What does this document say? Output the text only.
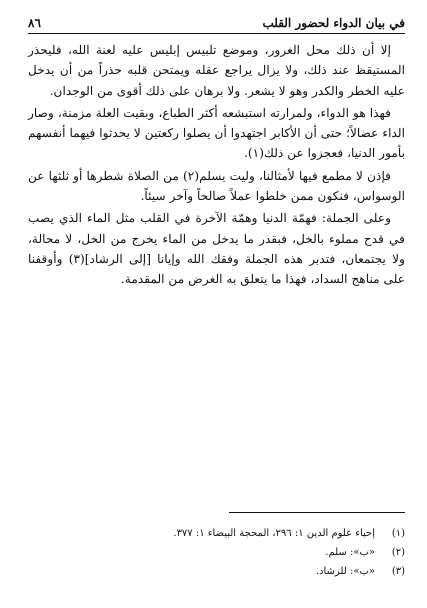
في بيان الدواء لحضور القلب
٨٦

إلا أن ذلك محل الغرور، وموضع تلبيس إبليس عليه لعنة الله، فليحذر المستيقظ عند ذلك، ولا يزال يراجع عقله ويمتحن قلبه حذراً من أن يدخل عليه الخطر والكدر وهو لا يشعر. ولا برهان على ذلك أقوى من الوجدان.

فهذا هو الدواء، ولمرارته استبشعه أكثر الطباع، وبقيت العلة مزمنة، وصار الداء عضالاً؛ حتى أن الأكابر اجتهدوا أن يصلوا ركعتين لا يحدثوا فيهما أنفسهم بأمور الدنيا، فعجزوا عن ذلك(١).

فإذن لا مطمع فيها لأمثالنا، وليت يسلم(٢) من الصلاة شطرها أو ثلثها عن الوسواس، فنكون ممن خلطوا عملاً صالحاً وآخر سيئاً.

وعلى الجملة: فهمّة الدنيا وهمّة الآخرة في القلب مثل الماء الذي يصب في قدح مملوء بالخل، فبقدر ما يدخل من الماء يخرج من الخل، لا محالة، ولا يجتمعان، فتدبر هذه الجملة وفقك الله وإيانا [إلى الرشاد](٣) وأوقفنا على مناهج السداد، فهذا ما يتعلق به الغرض من المقدمة.

(١)
إحياء علوم الدين ١: ٢٩٦، المحجة البيضاء ١: ٣٧٧.
(٢)
«ب»: سلم.
(٣)
«ب»: للرشاد.
